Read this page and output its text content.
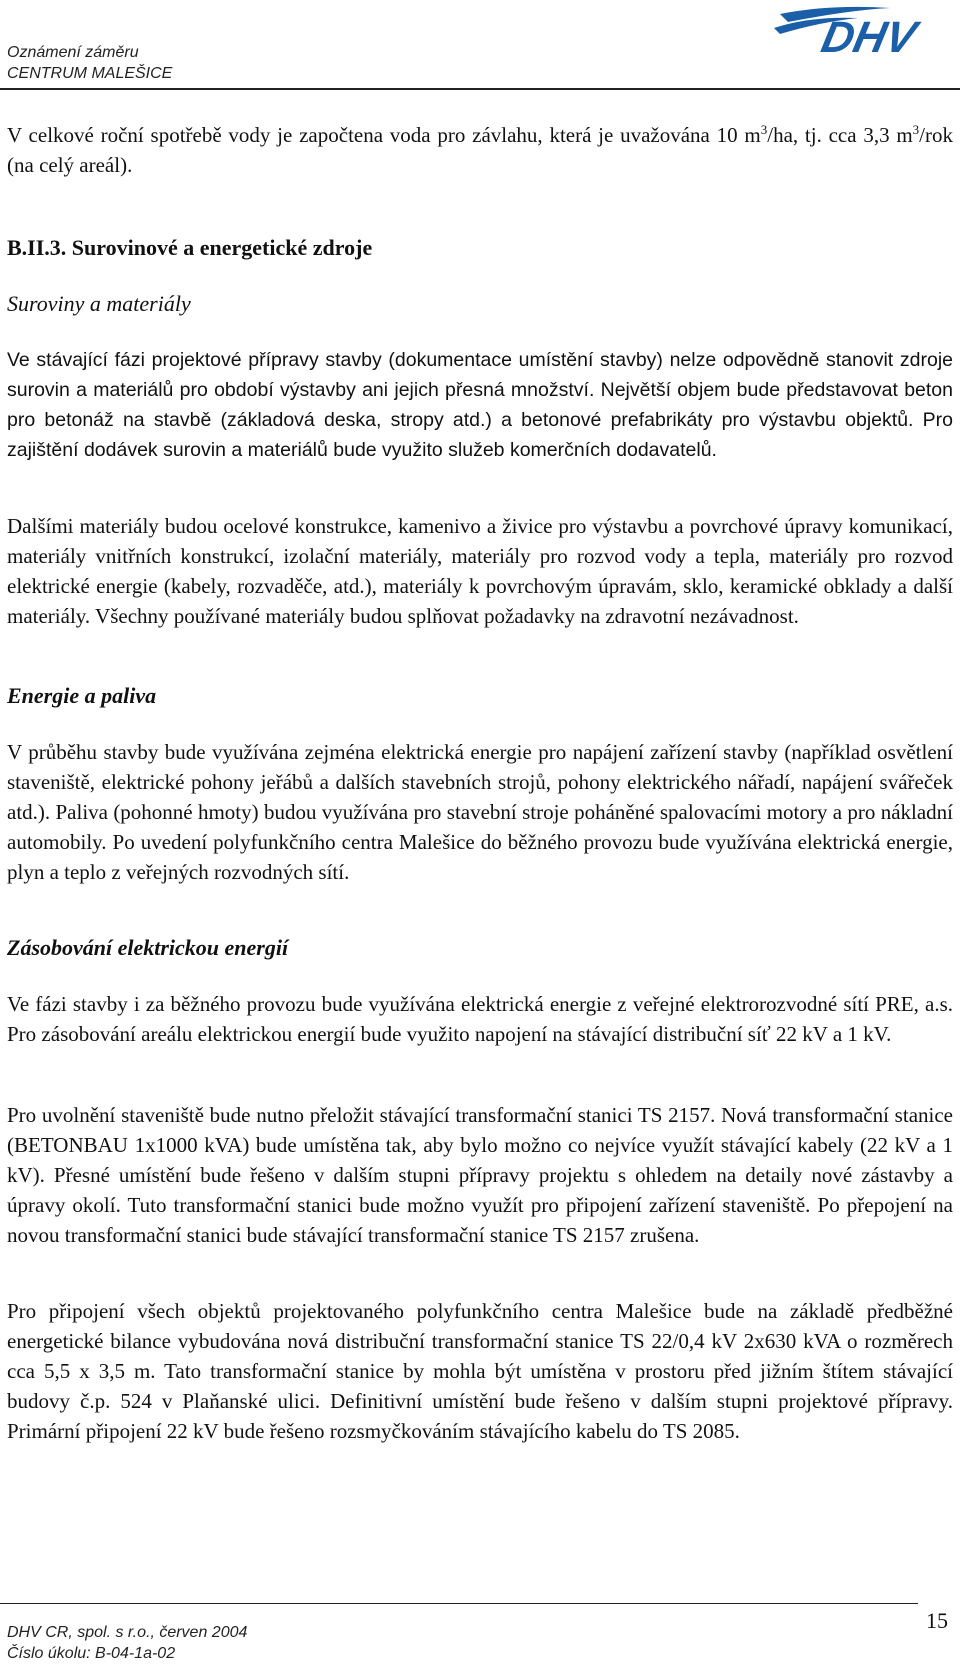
Oznámení záměru
CENTRUM MALEŠICE
DHV
V celkové roční spotřebě vody je započtena voda pro závlahu, která je uvažována 10 $m^3/ha$, tj. cca 3,3 $m^3$/rok (na celý areál).
B.II.3. Surovinové a energetické zdroje
Suroviny a materiály
Ve stávající fázi projektové přípravy stavby (dokumentace umístění stavby) nelze odpovědně stanovit zdroje surovin a materiálů pro období výstavby ani jejich přesná množství. Největší objem bude představovat beton pro betonáž na stavbě (základová deska, stropy atd.) a betonové prefabrikáty pro výstavbu objektů. Pro zajištění dodávek surovin a materiálů bude využito služeb komerčních dodavatelů.
Dalšími materiály budou ocelové konstrukce, kamenivo a živice pro výstavbu a povrchové úpravy komunikací, materiály vnitřních konstrukcí, izolační materiály, materiály pro rozvod vody a tepla, materiály pro rozvod elektrické energie (kabely, rozvaděče, atd.), materiály k povrchovým úpravám, sklo, keramické obklady a další materiály. Všechny používané materiály budou splňovat požadavky na zdravotní nezávadnost.
Energie a paliva
V průběhu stavby bude využívána zejména elektrická energie pro napájení zařízení stavby (například osvětlení staveniště, elektrické pohony jeřábů a dalších stavebních strojů, pohony elektrického nářadí, napájení svářeček atd.). Paliva (pohonné hmoty) budou využívána pro stavební stroje poháněné spalovacími motory a pro nákladní automobily. Po uvedení polyfunkčního centra Malešice do běžného provozu bude využívána elektrická energie, plyn a teplo z veřejných rozvodných sítí.
Zásobování elektrickou energií
Ve fázi stavby i za běžného provozu bude využívána elektrická energie z veřejné elektrorozvodné sítí PRE, a.s. Pro zásobování areálu elektrickou energií bude využito napojení na stávající distribuční síť 22 kV a 1 kV.
Pro uvolnění staveniště bude nutno přeložit stávající transformační stanici TS 2157. Nová transformační stanice (BETONBAU 1x1000 kVA) bude umístěna tak, aby bylo možno co nejvíce využít stávající kabely (22 kV a 1 kV). Přesné umístění bude řešeno v dalším stupni přípravy projektu s ohledem na detaily nové zástavby a úpravy okolí. Tuto transformační stanici bude možno využít pro připojení zařízení staveniště. Po přepojení na novou transformační stanici bude stávající transformační stanice TS 2157 zrušena.
Pro připojení všech objektů projektovaného polyfunkčního centra Malešice bude na základě předběžné energetické bilance vybudována nová distribuční transformační stanice TS 22/0,4 kV 2x630 kVA o rozměrech cca 5,5 x 3,5 m. Tato transformační stanice by mohla být umístěna v prostoru před jižním štítem stávající budovy č.p. 524 v Plaňanské ulici. Definitivní umístění bude řešeno v dalším stupni projektové přípravy. Primární připojení 22 kV bude řešeno rozsmyčkováním stávajícího kabelu do TS 2085.
DHV CR, spol. s r.o., červen 2004
Číslo úkolu: B-04-1a-02
15
